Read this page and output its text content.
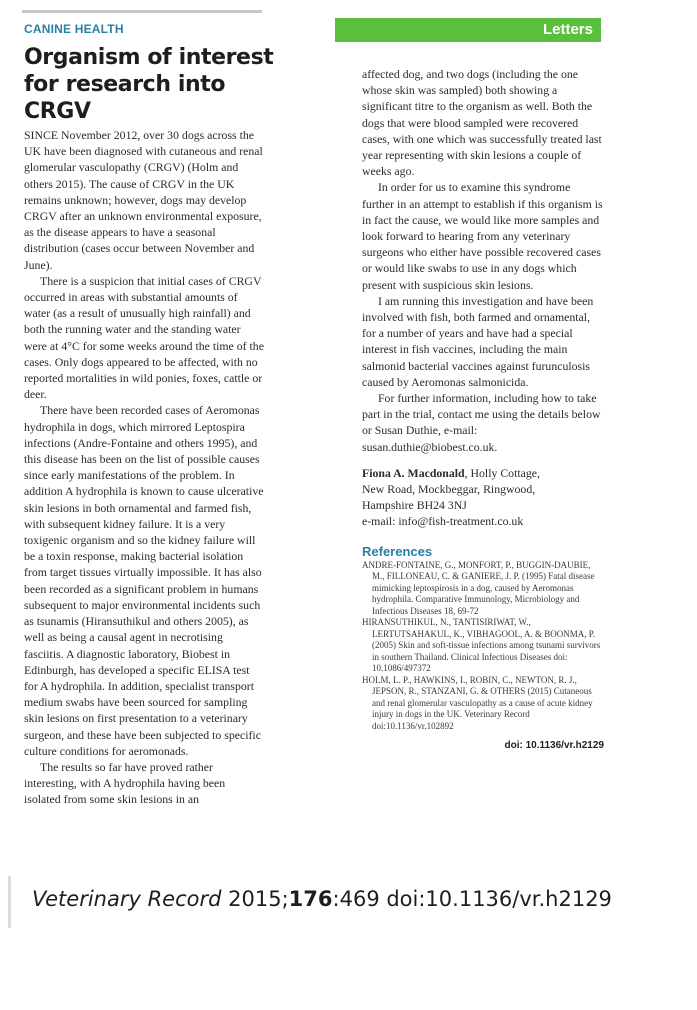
CANINE HEALTH
Organism of interest for research into CRGV
Letters

SINCE November 2012, over 30 dogs across the UK have been diagnosed with cutaneous and renal glomerular vasculopathy (CRGV) (Holm and others 2015). The cause of CRGV in the UK remains unknown; however, dogs may develop CRGV after an unknown environmental exposure, as the disease appears to have a seasonal distribution (cases occur between November and June).

There is a suspicion that initial cases of CRGV occurred in areas with substantial amounts of water (as a result of unusually high rainfall) and both the running water and the standing water were at 4°C for some weeks around the time of the cases. Only dogs appeared to be affected, with no reported mortalities in wild ponies, foxes, cattle or deer.

There have been recorded cases of Aeromonas hydrophila in dogs, which mirrored Leptospira infections (Andre-Fontaine and others 1995), and this disease has been on the list of possible causes since early manifestations of the problem. In addition A hydrophila is known to cause ulcerative skin lesions in both ornamental and farmed fish, with subsequent kidney failure. It is a very toxigenic organism and so the kidney failure will be a toxin response, making bacterial isolation from target tissues virtually impossible. It has also been recorded as a significant problem in humans subsequent to major environmental incidents such as tsunamis (Hiransuthikul and others 2005), as well as being a causal agent in necrotising fasciitis. A diagnostic laboratory, Biobest in Edinburgh, has developed a specific ELISA test for A hydrophila. In addition, specialist transport medium swabs have been sourced for sampling skin lesions on first presentation to a veterinary surgeon, and these have been subjected to specific culture conditions for aeromonads.

The results so far have proved rather interesting, with A hydrophila having been isolated from some skin lesions in an

affected dog, and two dogs (including the one whose skin was sampled) both showing a significant titre to the organism as well. Both the dogs that were blood sampled were recovered cases, with one which was successfully treated last year representing with skin lesions a couple of weeks ago.

In order for us to examine this syndrome further in an attempt to establish if this organism is in fact the cause, we would like more samples and look forward to hearing from any veterinary surgeons who either have possible recovered cases or would like swabs to use in any dogs which present with suspicious skin lesions.

I am running this investigation and have been involved with fish, both farmed and ornamental, for a number of years and have had a special interest in fish vaccines, including the main salmonid bacterial vaccines against furunculosis caused by Aeromonas salmonicida.

For further information, including how to take part in the trial, contact me using the details below or Susan Duthie, e-mail: susan.duthie@biobest.co.uk.

Fiona A. Macdonald, Holly Cottage,

New Road, Mockbeggar, Ringwood,

Hampshire BH24 3NJ

e-mail: info@fish-treatment.co.uk

References

ANDRE-FONTAINE, G., MONFORT, P., BUGGIN-DAUBIE, M., FILLONEAU, C. & GANIERE, J. P. (1995) Fatal disease mimicking leptospirosis in a dog, caused by Aeromonas hydrophila. Comparative Immunology, Microbiology and Infectious Diseases 18, 69-72

HIRANSUTHIKUL, N., TANTISIRIWAT, W., LERTUTSAHAKUL, K., VIBHAGOOL, A. & BOONMA, P. (2005) Skin and soft-tissue infections among tsunami survivors in southern Thailand. Clinical Infectious Diseases doi: 10.1086/497372

HOLM, L. P., HAWKINS, I., ROBIN, C., NEWTON, R. J., JEPSON, R., STANZANI, G. & OTHERS (2015) Cutaneous and renal glomerular vasculopathy as a cause of acute kidney injury in dogs in the UK. Veterinary Record doi:10.1136/vr.102892

doi: 10.1136/vr.h2129
Veterinary Record 2015;176:469 doi:10.1136/vr.h2129
